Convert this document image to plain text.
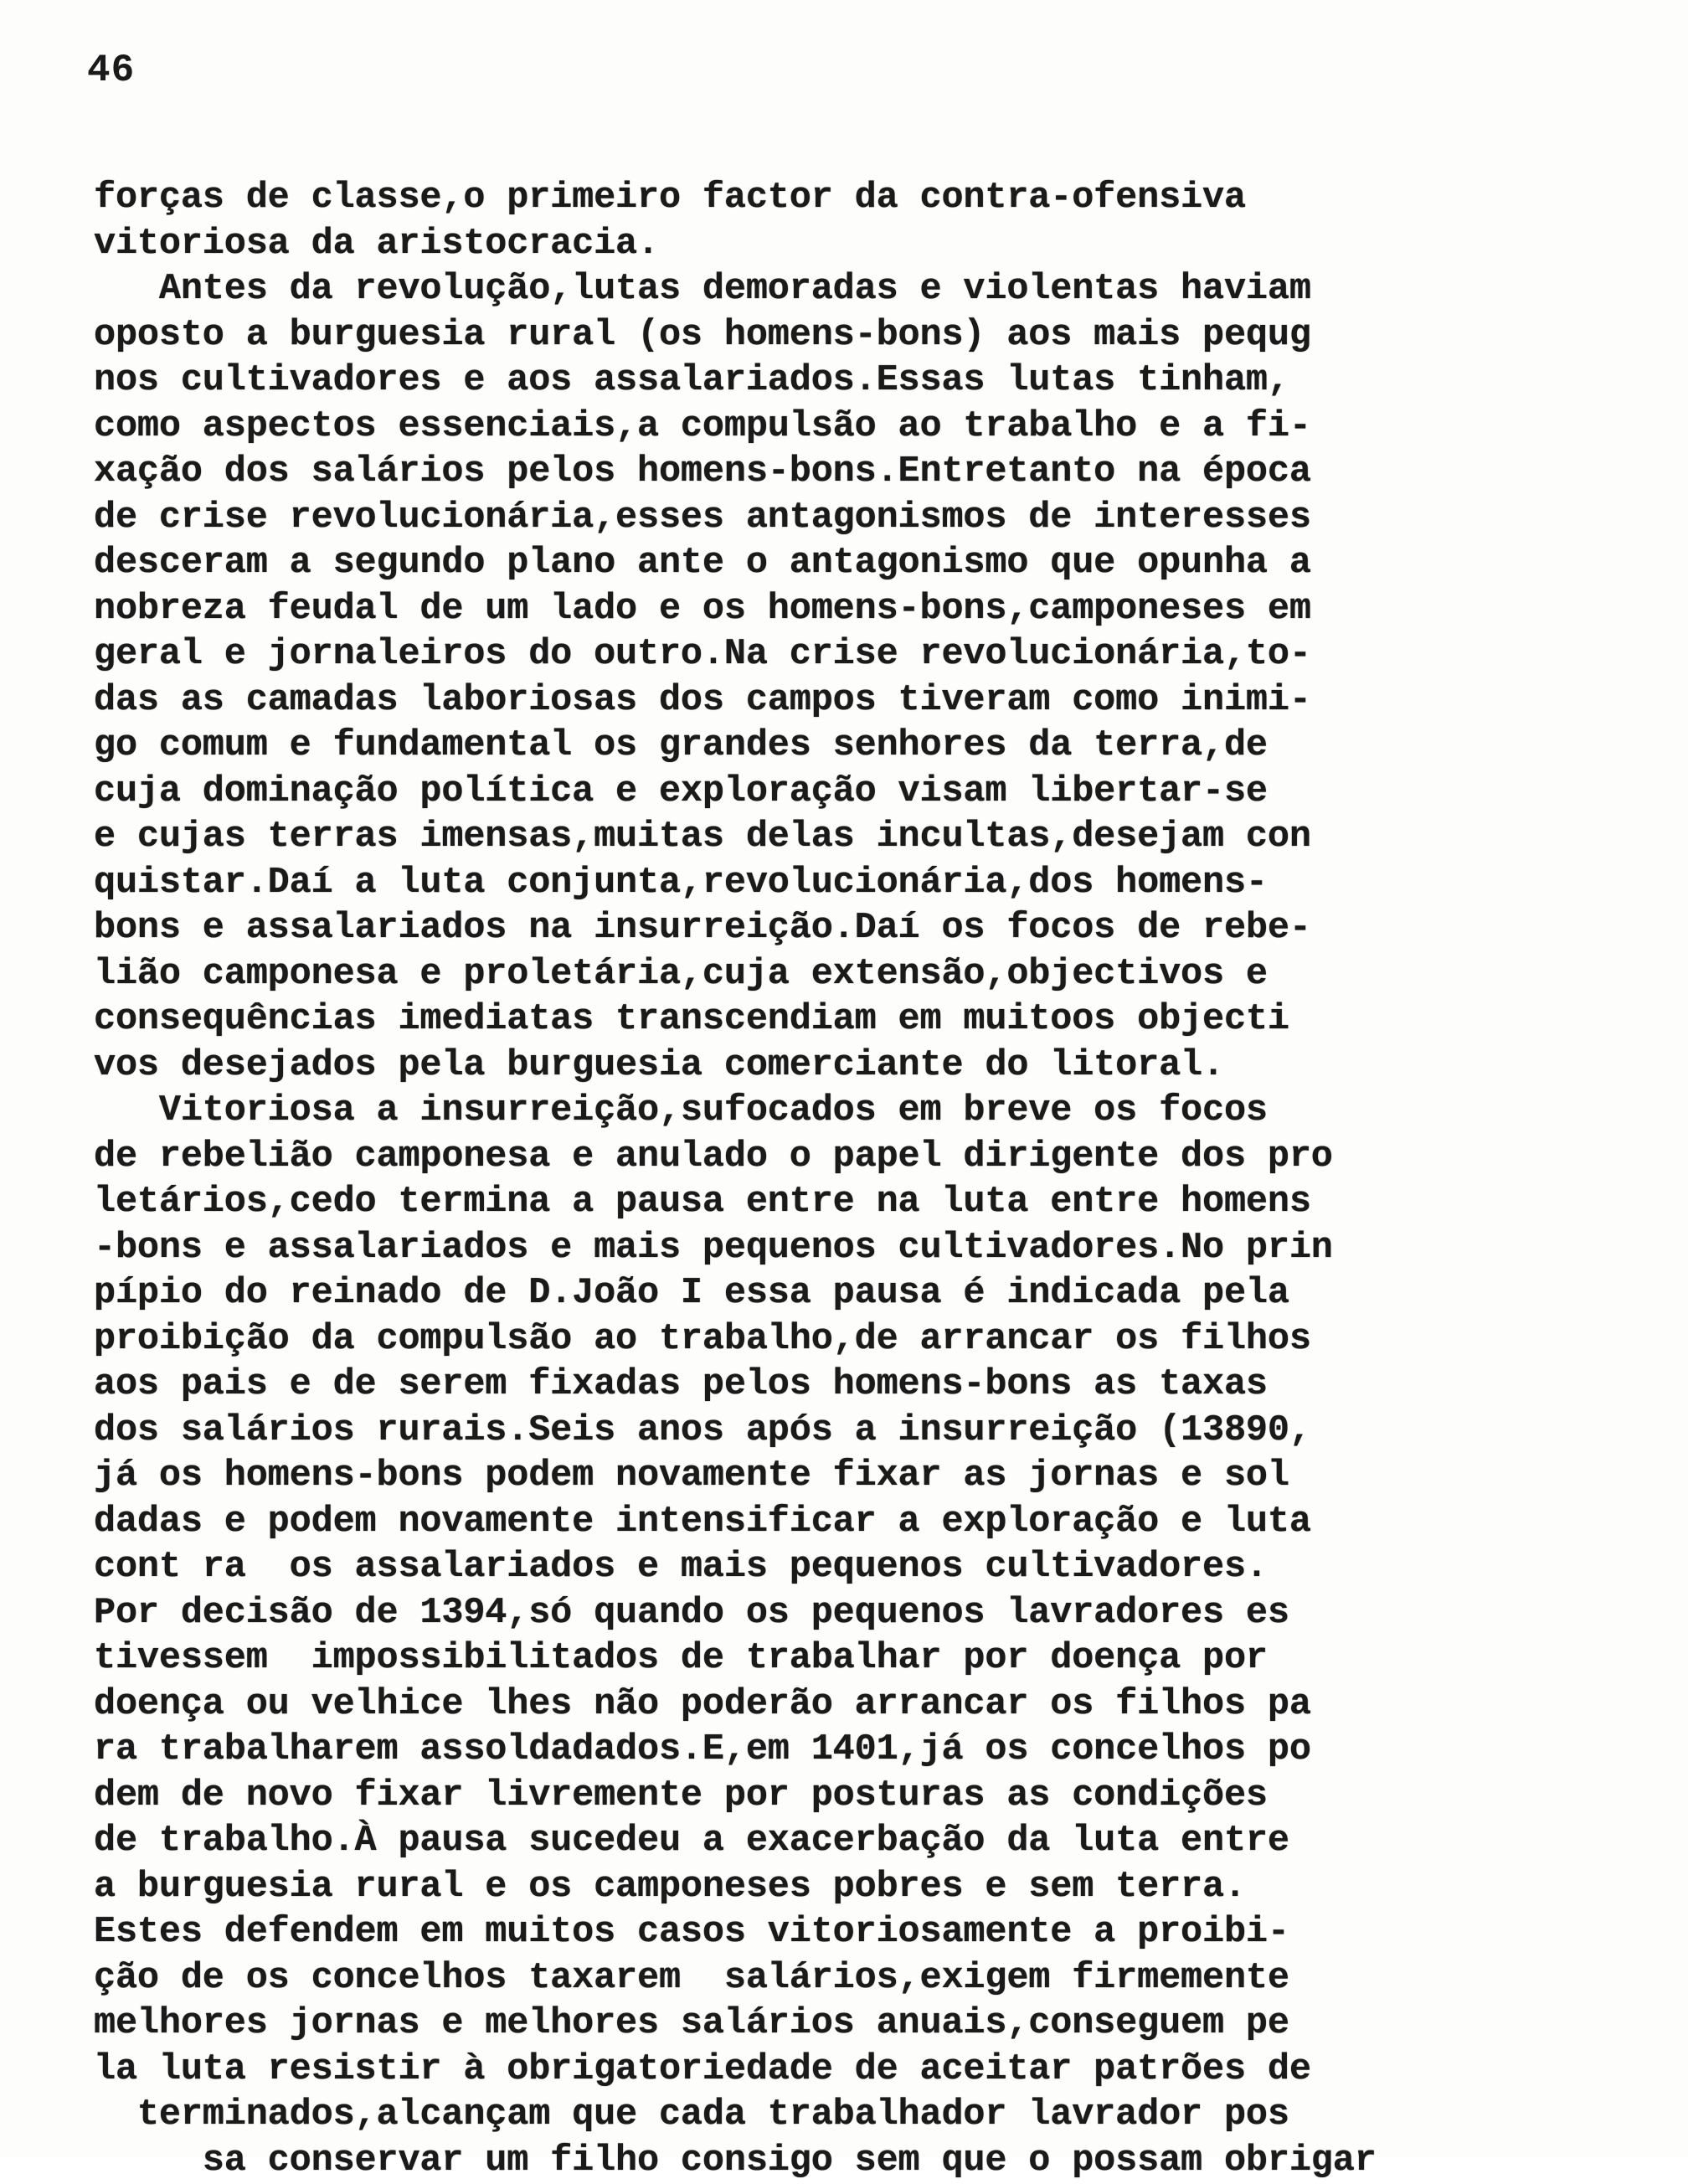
46
forças de classe,o primeiro factor da contra-ofensiva
vitoriosa da aristocracia.
Antes da revolução,lutas demoradas e violentas haviam
oposto a burguesia rural (os homens-bons) aos mais pequg
nos cultivadores e aos assalariados.Essas lutas tinham,
como aspectos essenciais,a compulsão ao trabalho e a fi-
xação dos salários pelos homens-bons.Entretanto na época
de crise revolucionária,esses antagonismos de interesses
desceram a segundo plano ante o antagonismo que opunha a
nobreza feudal de um lado e os homens-bons,camponeses em
geral e jornaleiros do outro.Na crise revolucionária,to-
das as camadas laboriosas dos campos tiveram como inimi-
go comum e fundamental os grandes senhores da terra,de
cuja dominação política e exploração visam libertar-se
e cujas terras imensas,muitas delas incultas,desejam con
quistar.Daí a luta conjunta,revolucionária,dos homens-
bons e assalariados na insurreição.Daí os focos de rebe-
lião camponesa e proletária,cuja extensão,objectivos e
consequências imediatas transcendiam em muitoos objecti
vos desejados pela burguesia comerciante do litoral.
Vitoriosa a insurreição,sufocados em breve os focos
de rebelião camponesa e anulado o papel dirigente dos pro
letários,cedo termina a pausa entre na luta entre homens
-bons e assalariados e mais pequenos cultivadores.No prin
pípio do reinado de D.João I essa pausa é indicada pela
proibição da compulsão ao trabalho,de arrancar os filhos
aos pais e de serem fixadas pelos homens-bons as taxas
dos salários rurais.Seis anos após a insurreição (13890,
já os homens-bons podem novamente fixar as jornas e sol
dadas e podem novamente intensificar a exploração e luta
cont ra  os assalariados e mais pequenos cultivadores.
Por decisão de 1394,só quando os pequenos lavradores es
tivessem  impossibilitados de trabalhar por doença por
doença ou velhice lhes não poderão arrancar os filhos pa
ra trabalharem assoldadados.E,em 1401,já os concelhos po
dem de novo fixar livremente por posturas as condições
de trabalho.À pausa sucedeu a exacerbação da luta entre
a burguesia rural e os camponeses pobres e sem terra.
Estes defendem em muitos casos vitoriosamente a proibi-
ção de os concelhos taxarem  salários,exigem firmemente
melhores jornas e melhores salários anuais,conseguem pe
la luta resistir à obrigatoriedade de aceitar patrões de
terminados,alcançam que cada trabalhador lavrador pos
sa conservar um filho consigo sem que o possam obrigar
